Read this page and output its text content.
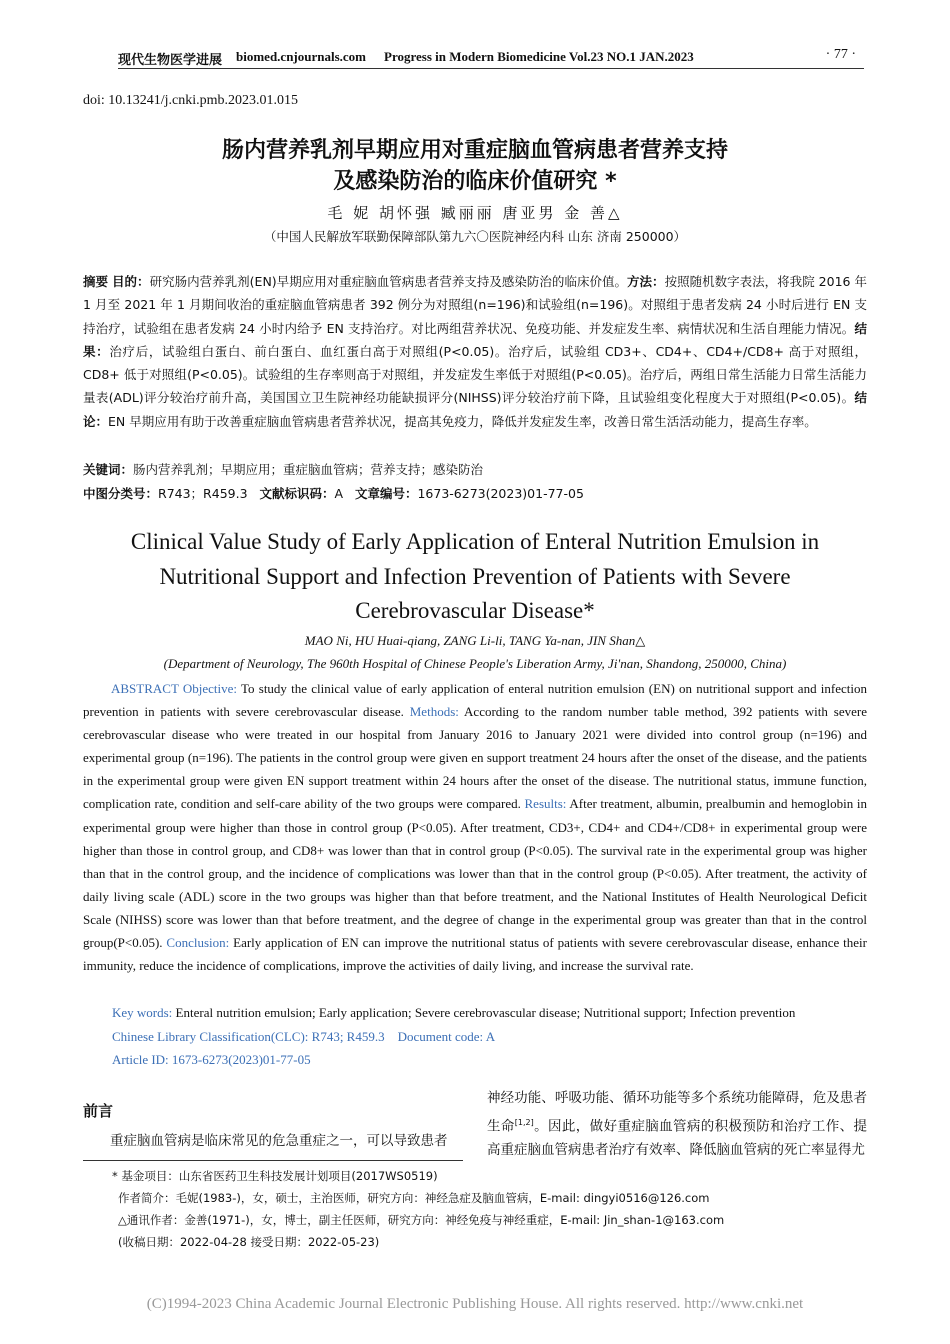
现代生物医学进展 biomed.cnjournals.com Progress in Modern Biomedicine Vol.23 NO.1 JAN.2023	· 77 ·
doi: 10.13241/j.cnki.pmb.2023.01.015
肠内营养乳剂早期应用对重症脑血管病患者营养支持
及感染防治的临床价值研究 *
毛 妮 胡怀强 臧丽丽 唐亚男 金 善△
（中国人民解放军联勤保障部队第九六〇医院神经内科 山东 济南 250000）
摘要 目的：研究肠内营养乳剂(EN)早期应用对重症脑血管病患者营养支持及感染防治的临床价值。方法：按照随机数字表法，将我院 2016 年 1 月至 2021 年 1 月期间收治的重症脑血管病患者 392 例分为对照组(n=196)和试验组(n=196)。对照组于患者发病 24 小时后进行 EN 支持治疗，试验组在患者发病 24 小时内给予 EN 支持治疗。对比两组营养状况、免疫功能、并发症发生率、病情状况和生活自理能力情况。结果：治疗后，试验组白蛋白、前白蛋白、血红蛋白高于对照组(P<0.05)。治疗后，试验组 CD3+、CD4+、CD4+/CD8+ 高于对照组，CD8+ 低于对照组(P<0.05)。试验组的生存率则高于对照组，并发症发生率低于对照组(P<0.05)。治疗后，两组日常生活能力日常生活能力量表(ADL)评分较治疗前升高，美国国立卫生院神经功能缺损评分(NIHSS)评分较治疗前下降，且试验组变化程度大于对照组(P<0.05)。结论：EN 早期应用有助于改善重症脑血管病患者营养状况，提高其免疫力，降低并发症发生率，改善日常生活活动能力，提高生存率。
关键词：肠内营养乳剂；早期应用；重症脑血管病；营养支持；感染防治
中图分类号：R743；R459.3 文献标识码：A 文章编号：1673-6273(2023)01-77-05
Clinical Value Study of Early Application of Enteral Nutrition Emulsion in
Nutritional Support and Infection Prevention of Patients with Severe
Cerebrovascular Disease*
MAO Ni, HU Huai-qiang, ZANG Li-li, TANG Ya-nan, JIN Shan△
(Department of Neurology, The 960th Hospital of Chinese People's Liberation Army, Ji'nan, Shandong, 250000, China)
ABSTRACT Objective: To study the clinical value of early application of enteral nutrition emulsion (EN) on nutritional support and infection prevention in patients with severe cerebrovascular disease. Methods: According to the random number table method, 392 patients with severe cerebrovascular disease who were treated in our hospital from January 2016 to January 2021 were divided into control group (n=196) and experimental group (n=196). The patients in the control group were given en support treatment 24 hours after the onset of the disease, and the patients in the experimental group were given EN support treatment within 24 hours after the onset of the disease. The nutritional status, immune function, complication rate, condition and self-care ability of the two groups were compared. Results: After treatment, albumin, prealbumin and hemoglobin in experimental group were higher than those in control group (P<0.05). After treatment, CD3+, CD4+ and CD4+/CD8+ in experimental group were higher than those in control group, and CD8+ was lower than that in control group (P<0.05). The survival rate in the experimental group was higher than that in the control group, and the incidence of complications was lower than that in the control group (P<0.05). After treatment, the activity of daily living scale (ADL) score in the two groups was higher than that before treatment, and the National Institutes of Health Neurological Deficit Scale (NIHSS) score was lower than that before treatment, and the degree of change in the experimental group was greater than that in the control group(P<0.05). Conclusion: Early application of EN can improve the nutritional status of patients with severe cerebrovascular disease, enhance their immunity, reduce the incidence of complications, improve the activities of daily living, and increase the survival rate.
Key words: Enteral nutrition emulsion; Early application; Severe cerebrovascular disease; Nutritional support; Infection prevention
Chinese Library Classification(CLC): R743; R459.3 Document code: A
Article ID: 1673-6273(2023)01-77-05
前言
重症脑血管病是临床常见的危急重症之一，可以导致患者
神经功能、呼吸功能、循环功能等多个系统功能障碍，危及患者生命[1,2]。因此，做好重症脑血管病的积极预防和治疗工作、提高重症脑血管病患者治疗有效率、降低脑血管病的死亡率显得尤
* 基金项目：山东省医药卫生科技发展计划项目(2017WS0519)
作者简介：毛妮(1983-)，女，硕士，主治医师，研究方向：神经急症及脑血管病，E-mail: dingyi0516@126.com
△通讯作者：金善(1971-)，女，博士，副主任医师，研究方向：神经免疫与神经重症，E-mail: Jin_shan-1@163.com
(收稿日期：2022-04-28 接受日期：2022-05-23)
(C)1994-2023 China Academic Journal Electronic Publishing House. All rights reserved. http://www.cnki.net
